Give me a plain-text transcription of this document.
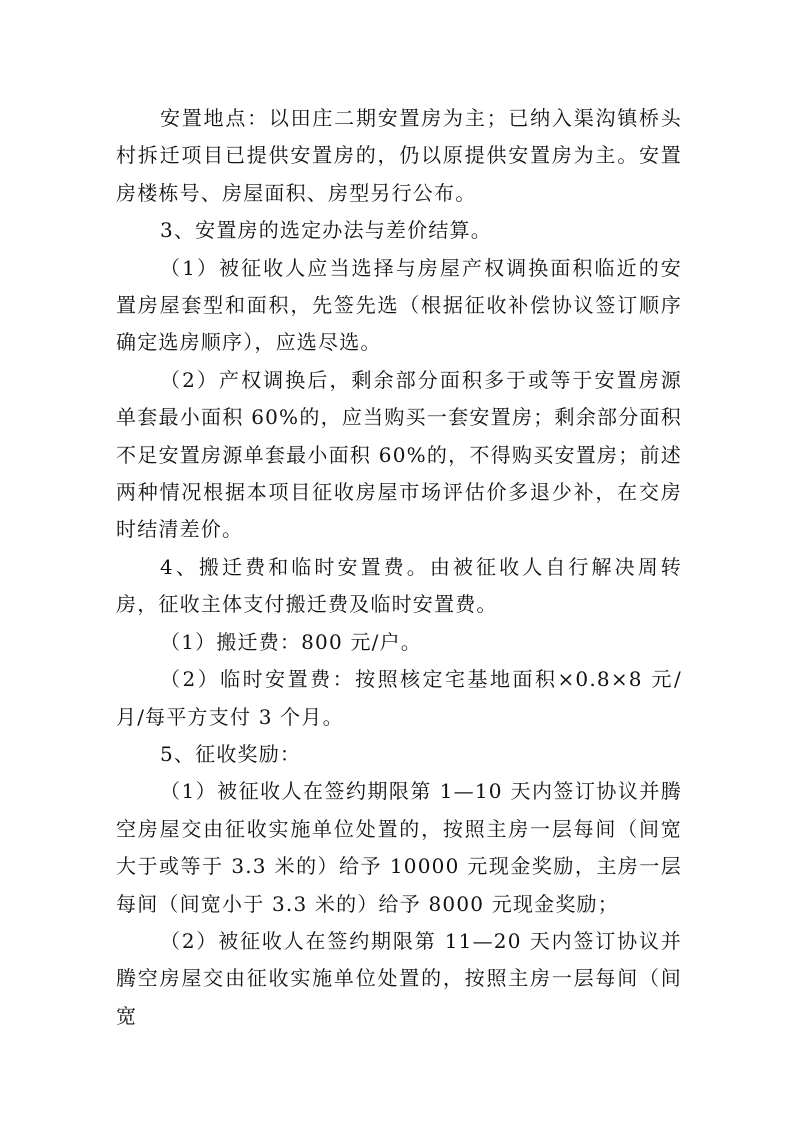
安置地点：以田庄二期安置房为主；已纳入渠沟镇桥头村拆迁项目已提供安置房的，仍以原提供安置房为主。安置房楼栋号、房屋面积、房型另行公布。

3、安置房的选定办法与差价结算。

（1）被征收人应当选择与房屋产权调换面积临近的安置房屋套型和面积，先签先选（根据征收补偿协议签订顺序确定选房顺序），应选尽选。

（2）产权调换后，剩余部分面积多于或等于安置房源单套最小面积 60%的，应当购买一套安置房；剩余部分面积不足安置房源单套最小面积 60%的，不得购买安置房；前述两种情况根据本项目征收房屋市场评估价多退少补，在交房时结清差价。

4、搬迁费和临时安置费。由被征收人自行解决周转房，征收主体支付搬迁费及临时安置费。

（1）搬迁费：800 元/户。

（2）临时安置费：按照核定宅基地面积×0.8×8 元/月/每平方支付 3 个月。

5、征收奖励：

（1）被征收人在签约期限第 1—10 天内签订协议并腾空房屋交由征收实施单位处置的，按照主房一层每间（间宽大于或等于 3.3 米的）给予 10000 元现金奖励，主房一层每间（间宽小于 3.3 米的）给予 8000 元现金奖励；

（2）被征收人在签约期限第 11—20 天内签订协议并腾空房屋交由征收实施单位处置的，按照主房一层每间（间宽
